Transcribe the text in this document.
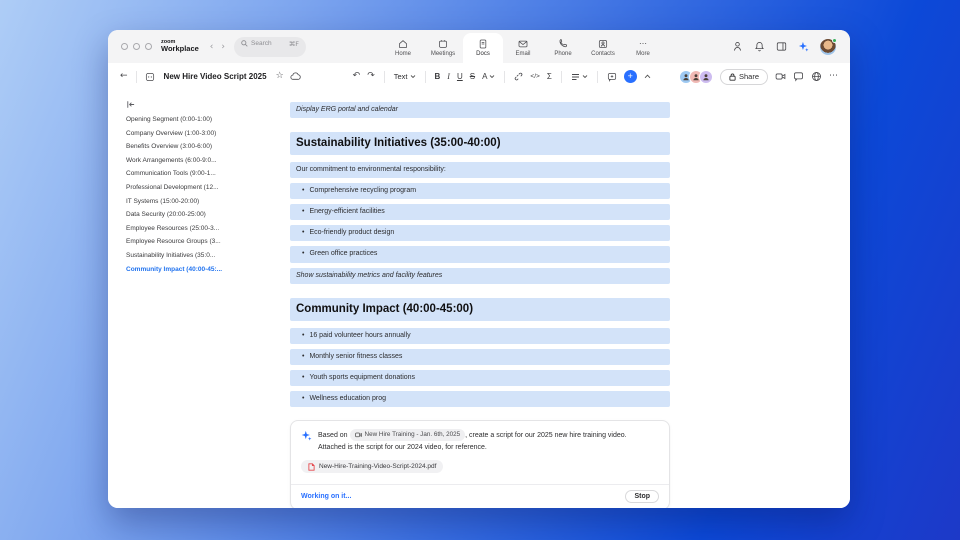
zoom
Workplace	‹ ›	Search	⌘F
Home	Meetings	Docs	Email	Phone	Contacts
⋯
More
←	New Hire Video Script 2025 ☆	↶ ↷	Text	B I U S A	</> Σ	+	Share	⋯
Opening Segment (0:00-1:00)
Company Overview (1:00-3:00)
Benefits Overview (3:00-6:00)
Work Arrangements (6:00-9:0...
Communication Tools (9:00-1...
Professional Development (12...
IT Systems (15:00-20:00)
Data Security (20:00-25:00)
Employee Resources (25:00-3...
Employee Resource Groups (3...
Sustainability Initiatives (35:0...
Community Impact (40:00-45:...
Display ERG portal and calendar
Sustainability Initiatives (35:00-40:00)
Our commitment to environmental responsibility:
• Comprehensive recycling program
• Energy-efficient facilities
• Eco-friendly product design
• Green office practices
Show sustainability metrics and facility features
Community Impact (40:00-45:00)
• 16 paid volunteer hours annually
• Monthly senior fitness classes
• Youth sports equipment donations
• Wellness education prog
Based on	New Hire Training - Jan. 6th, 2025 , create a script for our 2025 new hire training video.
Attached is the script for our 2024 video, for reference.
New-Hire-Training-Video-Script-2024.pdf
Working on it...	Stop
